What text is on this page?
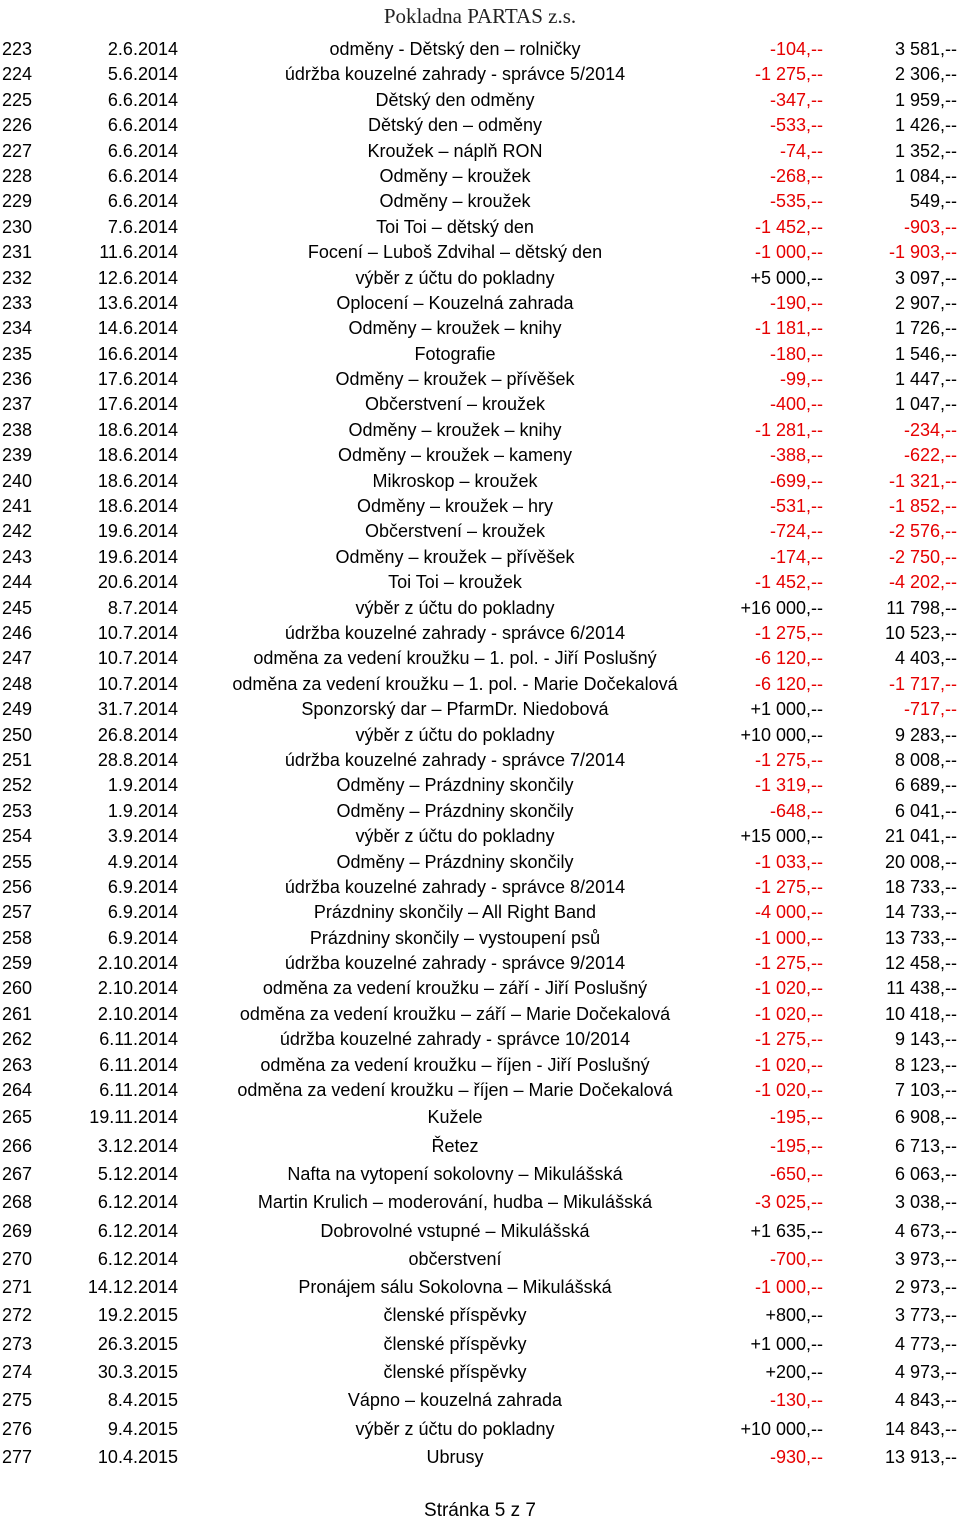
Pokladna PARTAS z.s.
223	2.6.2014	odměny - Dětský den – rolničky	-104,--	3 581,--
224	5.6.2014	údržba kouzelné zahrady - správce 5/2014	-1 275,--	2 306,--
225	6.6.2014	Dětský den odměny	-347,--	1 959,--
226	6.6.2014	Dětský den – odměny	-533,--	1 426,--
227	6.6.2014	Kroužek – náplň RON	-74,--	1 352,--
228	6.6.2014	Odměny – kroužek	-268,--	1 084,--
229	6.6.2014	Odměny – kroužek	-535,--	549,--
230	7.6.2014	Toi Toi – dětský den	-1 452,--	-903,--
231	11.6.2014	Focení – Luboš Zdvihal – dětský den	-1 000,--	-1 903,--
232	12.6.2014	výběr z účtu do pokladny	+5 000,--	3 097,--
233	13.6.2014	Oplocení – Kouzelná zahrada	-190,--	2 907,--
234	14.6.2014	Odměny – kroužek – knihy	-1 181,--	1 726,--
235	16.6.2014	Fotografie	-180,--	1 546,--
236	17.6.2014	Odměny – kroužek – přívěšek	-99,--	1 447,--
237	17.6.2014	Občerstvení – kroužek	-400,--	1 047,--
238	18.6.2014	Odměny – kroužek – knihy	-1 281,--	-234,--
239	18.6.2014	Odměny – kroužek – kameny	-388,--	-622,--
240	18.6.2014	Mikroskop – kroužek	-699,--	-1 321,--
241	18.6.2014	Odměny – kroužek – hry	-531,--	-1 852,--
242	19.6.2014	Občerstvení – kroužek	-724,--	-2 576,--
243	19.6.2014	Odměny – kroužek – přívěšek	-174,--	-2 750,--
244	20.6.2014	Toi Toi – kroužek	-1 452,--	-4 202,--
245	8.7.2014	výběr z účtu do pokladny	+16 000,--	11 798,--
246	10.7.2014	údržba kouzelné zahrady - správce 6/2014	-1 275,--	10 523,--
247	10.7.2014	odměna za vedení kroužku – 1. pol. - Jiří Poslušný	-6 120,--	4 403,--
248	10.7.2014	odměna za vedení kroužku – 1. pol. - Marie Dočekalová	-6 120,--	-1 717,--
249	31.7.2014	Sponzorský dar – PfarmDr. Niedobová	+1 000,--	-717,--
250	26.8.2014	výběr z účtu do pokladny	+10 000,--	9 283,--
251	28.8.2014	údržba kouzelné zahrady - správce 7/2014	-1 275,--	8 008,--
252	1.9.2014	Odměny – Prázdniny skončily	-1 319,--	6 689,--
253	1.9.2014	Odměny – Prázdniny skončily	-648,--	6 041,--
254	3.9.2014	výběr z účtu do pokladny	+15 000,--	21 041,--
255	4.9.2014	Odměny – Prázdniny skončily	-1 033,--	20 008,--
256	6.9.2014	údržba kouzelné zahrady - správce 8/2014	-1 275,--	18 733,--
257	6.9.2014	Prázdniny skončily – All Right Band	-4 000,--	14 733,--
258	6.9.2014	Prázdniny skončily – vystoupení psů	-1 000,--	13 733,--
259	2.10.2014	údržba kouzelné zahrady - správce 9/2014	-1 275,--	12 458,--
260	2.10.2014	odměna za vedení kroužku – září - Jiří Poslušný	-1 020,--	11 438,--
261	2.10.2014	odměna za vedení kroužku – září – Marie Dočekalová	-1 020,--	10 418,--
262	6.11.2014	údržba kouzelné zahrady - správce 10/2014	-1 275,--	9 143,--
263	6.11.2014	odměna za vedení kroužku – říjen - Jiří Poslušný	-1 020,--	8 123,--
264	6.11.2014	odměna za vedení kroužku – říjen – Marie Dočekalová	-1 020,--	7 103,--
265	19.11.2014	Kužele	-195,--	6 908,--
266	3.12.2014	Řetez	-195,--	6 713,--
267	5.12.2014	Nafta na vytopení sokolovny – Mikulášská	-650,--	6 063,--
268	6.12.2014	Martin Krulich – moderování, hudba – Mikulášská	-3 025,--	3 038,--
269	6.12.2014	Dobrovolné vstupné – Mikulášská	+1 635,--	4 673,--
270	6.12.2014	občerstvení	-700,--	3 973,--
271	14.12.2014	Pronájem sálu Sokolovna – Mikulášská	-1 000,--	2 973,--
272	19.2.2015	členské příspěvky	+800,--	3 773,--
273	26.3.2015	členské příspěvky	+1 000,--	4 773,--
274	30.3.2015	členské příspěvky	+200,--	4 973,--
275	8.4.2015	Vápno – kouzelná zahrada	-130,--	4 843,--
276	9.4.2015	výběr z účtu do pokladny	+10 000,--	14 843,--
277	10.4.2015	Ubrusy	-930,--	13 913,--
Stránka 5 z 7
